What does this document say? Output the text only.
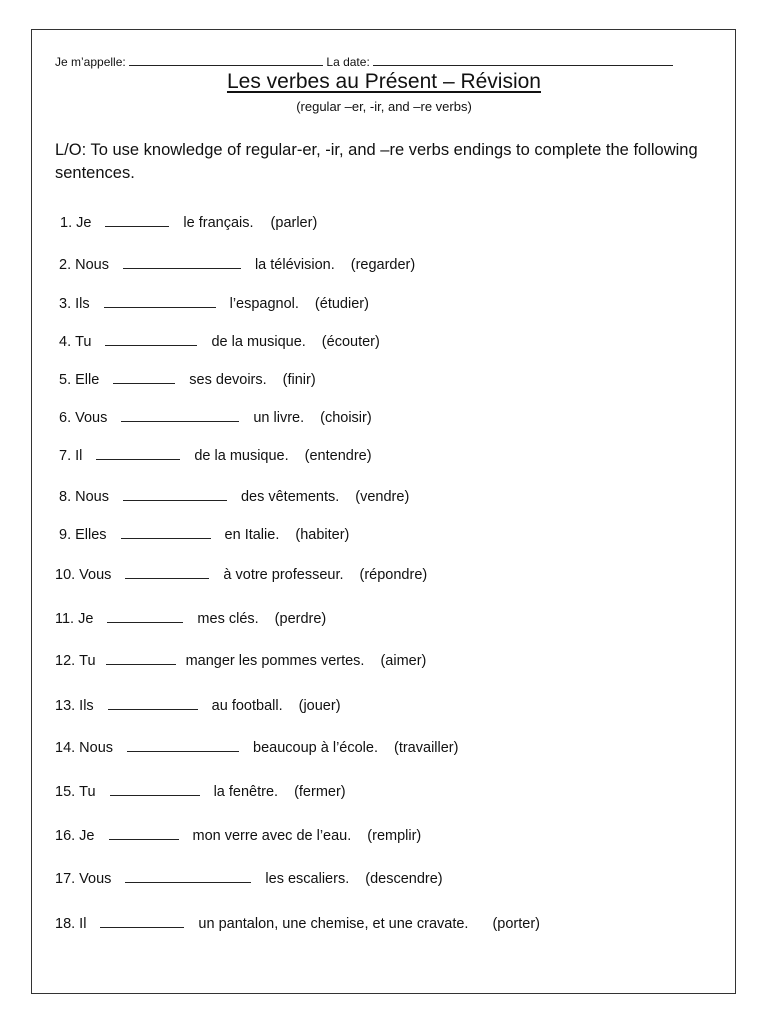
Je m’appelle:	La date:
Les verbes au Présent – Révision
(regular –er, -ir, and –re verbs)
L/O: To use knowledge of regular-er, -ir, and –re verbs endings to complete the following sentences.
1. Je	le français. (parler)
2. Nous	la télévision. (regarder)
3. Ils	l’espagnol. (étudier)
4. Tu	de la musique. (écouter)
5. Elle	ses devoirs. (finir)
6. Vous	un livre. (choisir)
7. Il	de la musique. (entendre)
8. Nous	des vêtements. (vendre)
9. Elles	en Italie. (habiter)
10. Vous	à votre professeur. (répondre)
11. Je	mes clés. (perdre)
12. Tu	manger les pommes vertes. (aimer)
13. Ils	au football. (jouer)
14. Nous	beaucoup à l’école. (travailler)
15. Tu	la fenêtre. (fermer)
16. Je	mon verre avec de l’eau. (remplir)
17. Vous	les escaliers. (descendre)
18. Il	un pantalon, une chemise, et une cravate. (porter)
